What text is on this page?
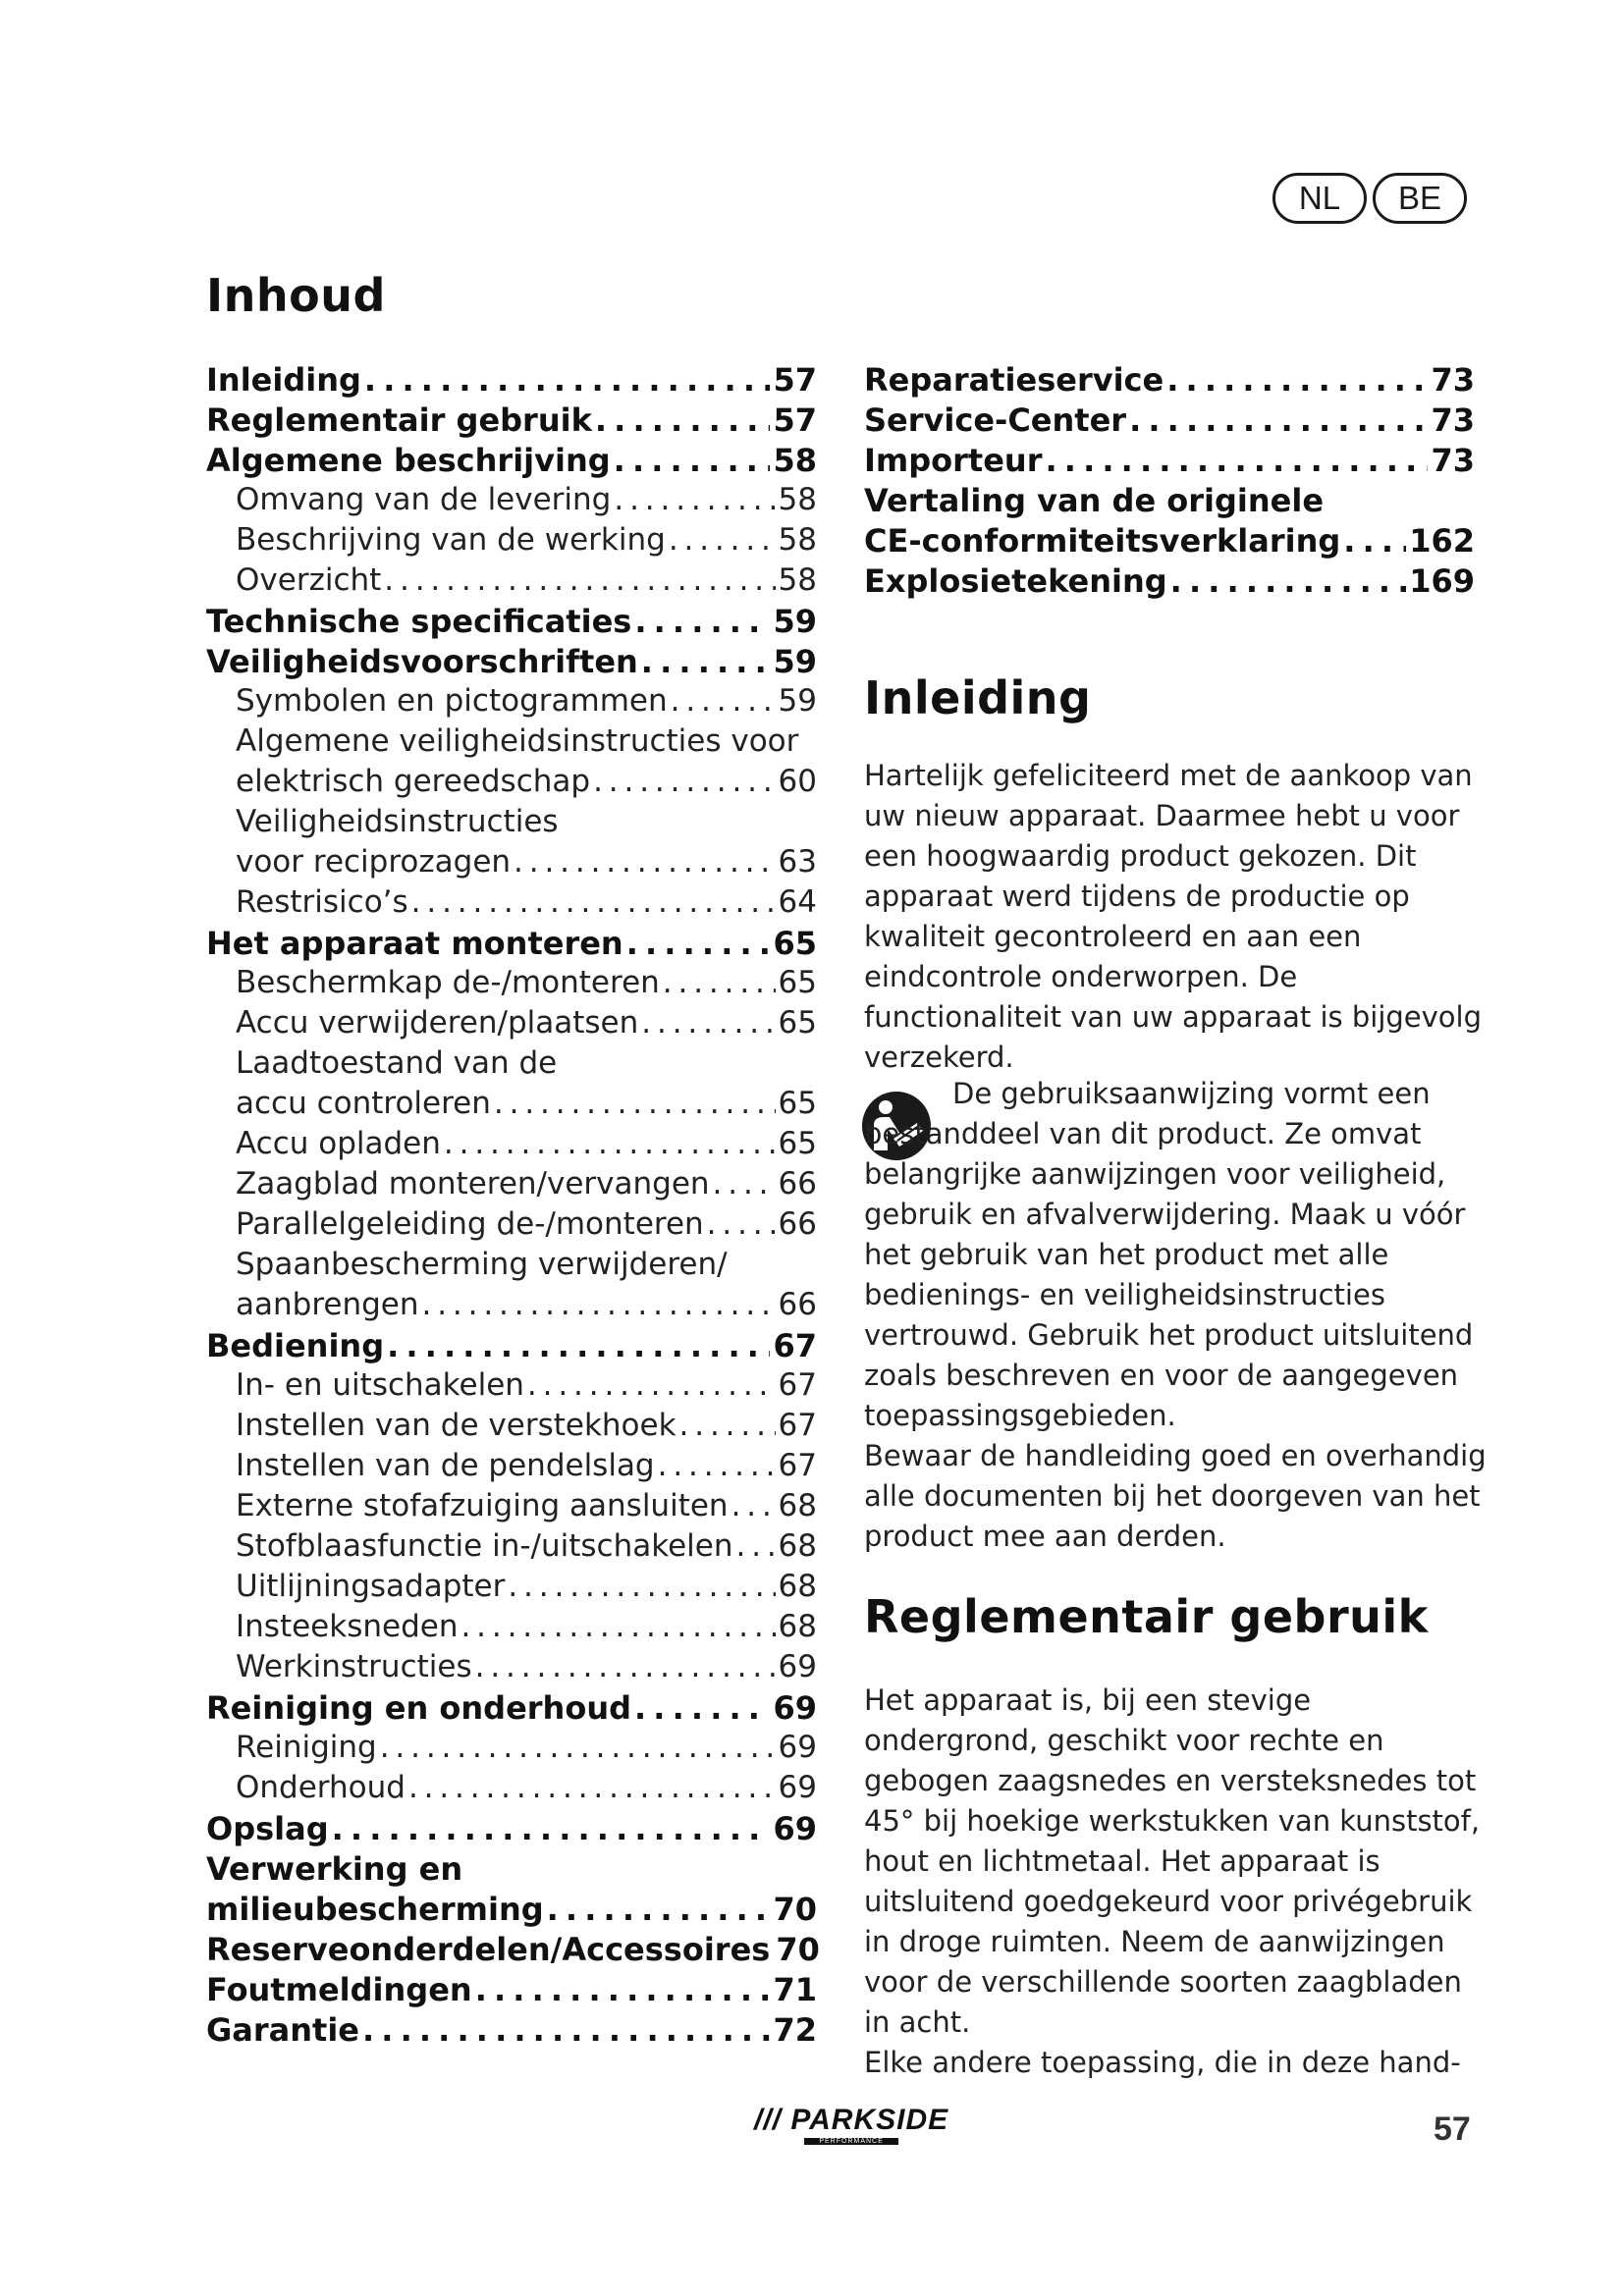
NL	BE
Inhoud
Inleiding . . .	57
Reglementair gebruik . . .	57
Algemene beschrijving . . .	58
Omvang van de levering . . .	58
Beschrijving van de werking . . .	58
Overzicht . . .	58
Technische specificaties . . .	59
Veiligheidsvoorschriften . . .	59
Symbolen en pictogrammen . . .	59
Algemene veiligheidsinstructies voor
elektrisch gereedschap . . .	60
Veiligheidsinstructies
voor reciprozagen . . .	63
Restrisico’s . . .	64
Het apparaat monteren . . .	65
Beschermkap de-/monteren . . .	65
Accu verwijderen/plaatsen . . .	65
Laadtoestand van de
accu controleren . . .	65
Accu opladen . . .	65
Zaagblad monteren/vervangen . . . 66
Parallelgeleiding de-/monteren . . . 66
Spaanbescherming verwijderen/
aanbrengen . . .	66
Bediening . . .	67
In- en uitschakelen . . .	67
Instellen van de verstekhoek . . .	67
Instellen van de pendelslag . . .	67
Externe stofafzuiging aansluiten . . . 68
Stofblaasfunctie in-/uitschakelen . . . 68
Uitlijningsadapter . . .	68
Insteeksneden . . .	68
Werkinstructies . . .	69
Reiniging en onderhoud . . .	69
Reiniging . . .	69
Onderhoud . . .	69
Opslag . . .	69
Verwerking en
milieubescherming . . .	70
Reserveonderdelen/Accessoires 70
Foutmeldingen . . .	71
Garantie . . .	72
Reparatieservice . . .	73
Service-Center . . .	73
Importeur . . .	73
Vertaling van de originele
CE-conformiteitsverklaring . . . 162
Explosietekening . . .	169
Inleiding

Hartelijk gefeliciteerd met de aankoop van uw nieuw apparaat. Daarmee hebt u voor een hoogwaardig product gekozen. Dit apparaat werd tijdens de productie op kwaliteit gecontroleerd en aan een eindcontrole onderworpen. De functionaliteit van uw apparaat is bijgevolg verzekerd.

De gebruiksaanwijzing vormt een bestanddeel van dit product. Ze omvat belangrijke aanwijzingen voor veiligheid, gebruik en afvalverwijdering. Maak u vóór het gebruik van het product met alle bedienings- en veiligheidsinstructies vertrouwd. Gebruik het product uitsluitend zoals beschreven en voor de aangegeven toepassingsgebieden.
Bewaar de handleiding goed en overhandig alle documenten bij het doorgeven van het product mee aan derden.
Reglementair gebruik
Het apparaat is, bij een stevige ondergrond, geschikt voor rechte en gebogen zaagsnedes en versteksnedes tot 45° bij hoekige werkstukken van kunststof, hout en lichtmetaal. Het apparaat is uitsluitend goedgekeurd voor privégebruik in droge ruimten. Neem de aanwijzingen voor de verschillende soorten zaagbladen in acht.
Elke andere toepassing, die in deze hand-
/// PARKSIDE
PERFORMANCE	57
